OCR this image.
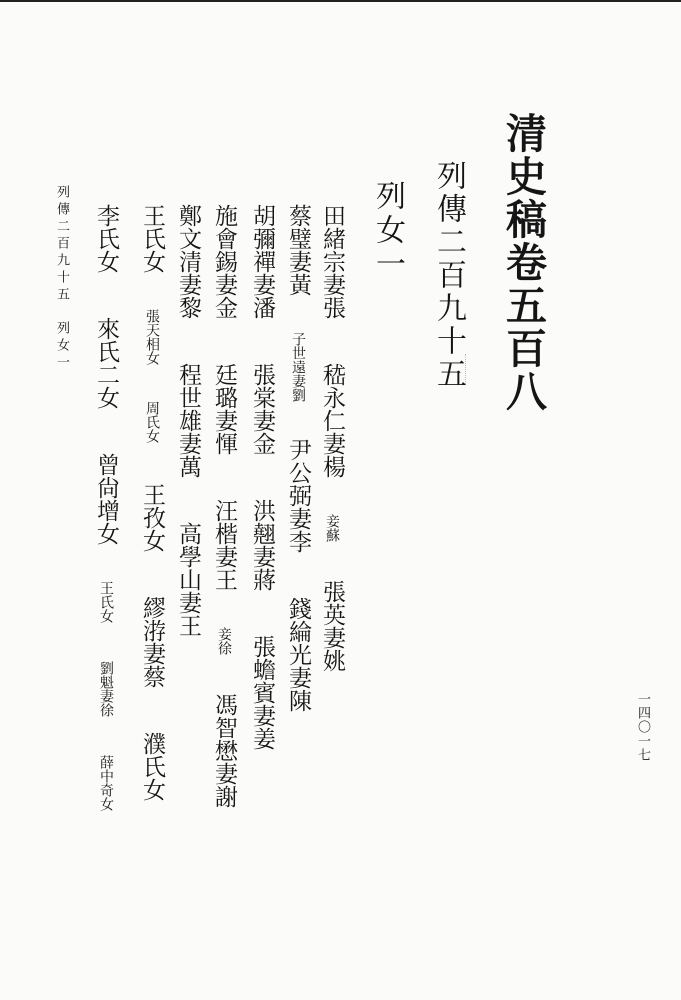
清史稿卷五百八
列傳二百九十五
列女一
田緒宗妻張 嵇永仁妻楊 妾蘇 張英妻姚
蔡璧妻黃 子世遠妻劉 尹公弼妻李 錢綸光妻陳
胡彌禪妻潘 張棠妻金 洪翹妻蔣 張蟾賓妻姜
施會錫妻金 廷璐妻惲 汪楷妻王 妾徐 馮智懋妻謝
鄭文清妻黎 程世雄妻萬 高學山妻王
王氏女 張天相女 周氏女 王孜女 繆㳺妻蔡 濮氏女
李氏女 來氏二女 曾尙增女 王氏女 劉魁妻徐 薛中奇女
列傳二百九十五　列女一
一四〇一七
